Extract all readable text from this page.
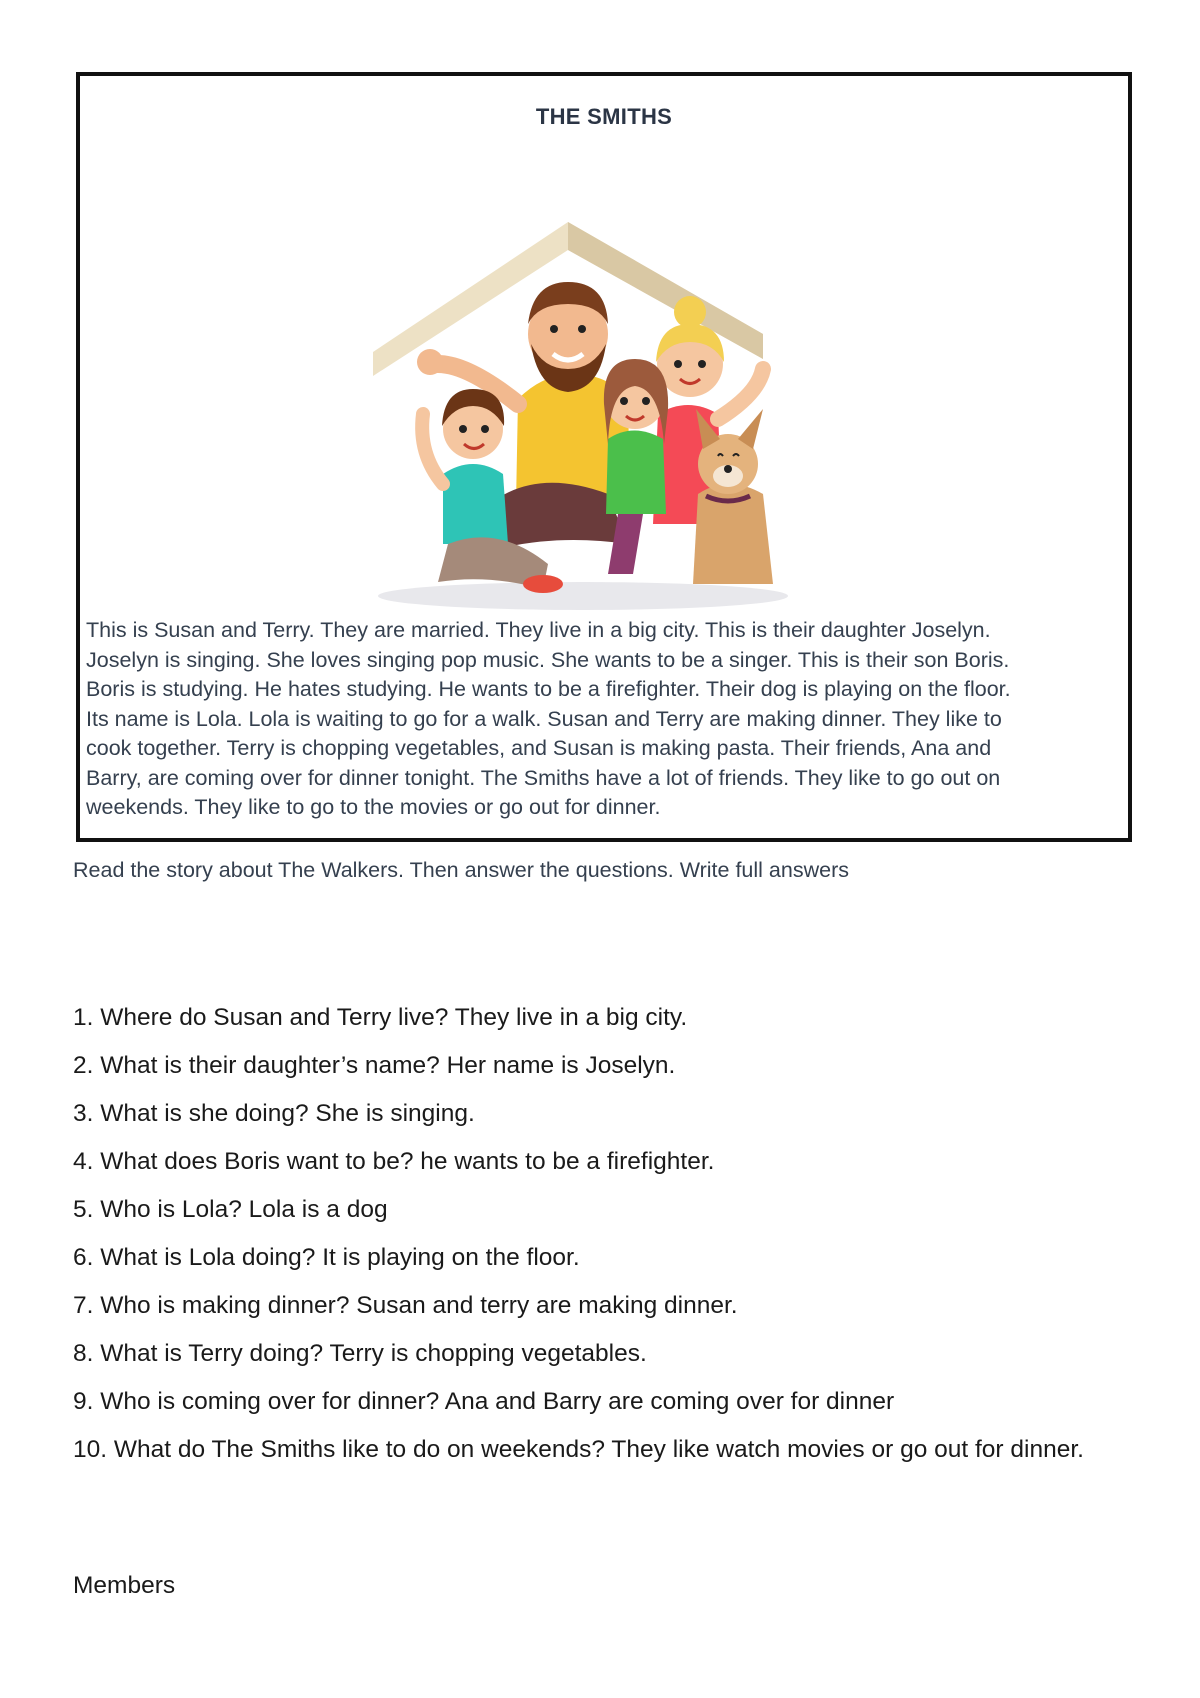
THE SMITHS

This is Susan and Terry. They are married. They live in a big city. This is their daughter Joselyn.
Joselyn is singing. She loves singing pop music. She wants to be a singer. This is their son Boris.
Boris is studying. He hates studying. He wants to be a firefighter. Their dog is playing on the floor.
Its name is Lola. Lola is waiting to go for a walk. Susan and Terry are making dinner. They like to
cook together. Terry is chopping vegetables, and Susan is making pasta. Their friends, Ana and
Barry, are coming over for dinner tonight. The Smiths have a lot of friends. They like to go out on
weekends. They like to go to the movies or go out for dinner.

Read the story about The Walkers. Then answer the questions. Write full answers

1. Where do Susan and Terry live? They live in a big city.
2. What is their daughter’s name? Her name is Joselyn.
3. What is she doing? She is singing.
4. What does Boris want to be? he wants to be a firefighter.
5. Who is Lola? Lola is a dog
6. What is Lola doing? It is playing on the floor.
7. Who is making dinner? Susan and terry are making dinner.
8. What is Terry doing? Terry is chopping vegetables.
9. Who is coming over for dinner? Ana and Barry are coming over for dinner
10. What do The Smiths like to do on weekends? They like watch movies or go out for dinner.

Members
